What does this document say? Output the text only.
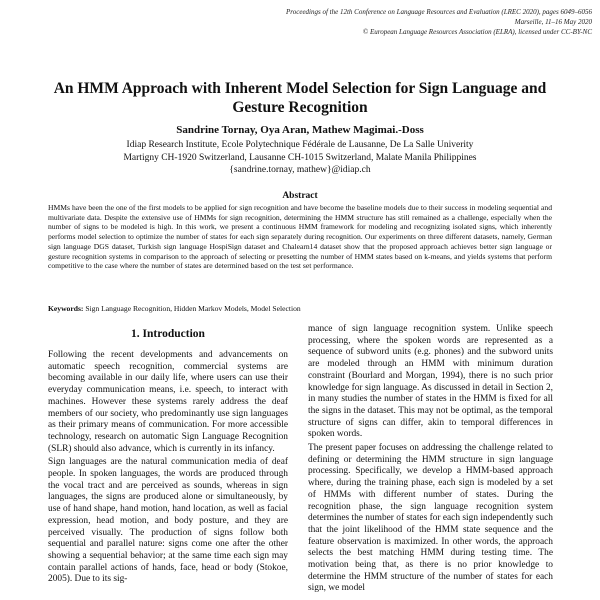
Proceedings of the 12th Conference on Language Resources and Evaluation (LREC 2020), pages 6049–6056
Marseille, 11–16 May 2020
© European Language Resources Association (ELRA), licensed under CC-BY-NC
An HMM Approach with Inherent Model Selection for Sign Language and
Gesture Recognition
Sandrine Tornay, Oya Aran, Mathew Magimai.-Doss
Idiap Research Institute, Ecole Polytechnique Fédérale de Lausanne, De La Salle Univerity
Martigny CH-1920 Switzerland, Lausanne CH-1015 Switzerland, Malate Manila Philippines
{sandrine.tornay, mathew}@idiap.ch
Abstract
HMMs have been the one of the first models to be applied for sign recognition and have become the baseline models due to their success in modeling sequential and multivariate data. Despite the extensive use of HMMs for sign recognition, determining the HMM structure has still remained as a challenge, especially when the number of signs to be modeled is high. In this work, we present a continuous HMM framework for modeling and recognizing isolated signs, which inherently performs model selection to optimize the number of states for each sign separately during recognition. Our experiments on three different datasets, namely, German sign language DGS dataset, Turkish sign language HospiSign dataset and Chalearn14 dataset show that the proposed approach achieves better sign language or gesture recognition systems in comparison to the approach of selecting or presetting the number of HMM states based on k-means, and yields systems that perform competitive to the case where the number of states are determined based on the test set performance.
Keywords: Sign Language Recognition, Hidden Markov Models, Model Selection
1. Introduction

Following the recent developments and advancements on automatic speech recognition, commercial systems are becoming available in our daily life, where users can use their everyday communication means, i.e. speech, to interact with machines. However these systems rarely address the deaf members of our society, who predominantly use sign languages as their primary means of communication. For more accessible technology, research on automatic Sign Language Recognition (SLR) should also advance, which is currently in its infancy.

Sign languages are the natural communication media of deaf people. In spoken languages, the words are produced through the vocal tract and are perceived as sounds, whereas in sign languages, the signs are produced alone or simultaneously, by use of hand shape, hand motion, hand location, as well as facial expression, head motion, and body posture, and they are perceived visually. The production of signs follow both sequential and parallel nature: signs come one after the other showing a sequential behavior; at the same time each sign may contain parallel actions of hands, face, head or body (Stokoe, 2005). Due to its sig-

mance of sign language recognition system. Unlike speech processing, where the spoken words are represented as a sequence of subword units (e.g. phones) and the subword units are modeled through an HMM with minimum duration constraint (Bourlard and Morgan, 1994), there is no such prior knowledge for sign language. As discussed in detail in Section 2, in many studies the number of states in the HMM is fixed for all the signs in the dataset. This may not be optimal, as the temporal structure of signs can differ, akin to temporal differences in spoken words.

The present paper focuses on addressing the challenge related to defining or determining the HMM structure in sign language processing. Specifically, we develop a HMM-based approach where, during the training phase, each sign is modeled by a set of HMMs with different number of states. During the recognition phase, the sign language recognition system determines the number of states for each sign independently such that the joint likelihood of the HMM state sequence and the feature observation is maximized. In other words, the approach selects the best matching HMM during testing time. The motivation being that, as there is no prior knowledge to determine the HMM structure of the number of states for each sign, we model
